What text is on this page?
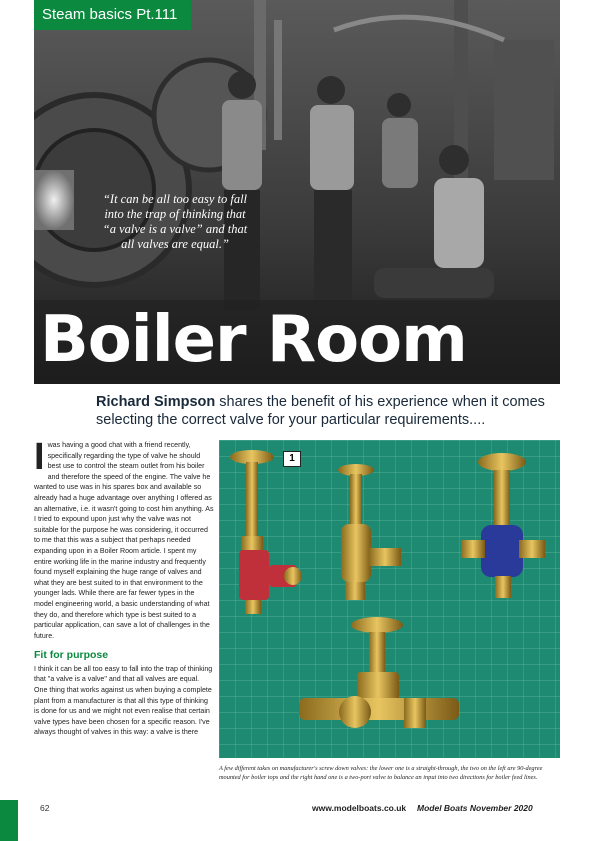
Steam basics Pt.111
“It can be all too easy to fall into the trap of thinking that “a valve is a valve” and that all valves are equal.”
Boiler Room
Richard Simpson shares the benefit of his experience when it comes selecting the correct valve for your particular requirements....

Iwas having a good chat with a friend recently, specifically regarding the type of valve he should best use to control the steam outlet from his boiler and therefore the speed of the engine. The valve he wanted to use was in his spares box and available so already had a huge advantage over anything I offered as an alternative, i.e. it wasn't going to cost him anything. As I tried to expound upon just why the valve was not suitable for the purpose he was considering, it occurred to me that this was a subject that perhaps needed expanding upon in a Boiler Room article. I spent my entire working life in the marine industry and frequently found myself explaining the huge range of valves and what they are best suited to in that environment to the younger lads. While there are far fewer types in the model engineering world, a basic understanding of what they do, and therefore which type is best suited to a particular application, can save a lot of challenges in the future.

Fit for purpose

I think it can be all too easy to fall into the trap of thinking that "a valve is a valve" and that all valves are equal. One thing that works against us when buying a complete plant from a manufacturer is that all this type of thinking is done for us and we might not even realise that certain valve types have been chosen for a specific reason. I've always thought of valves in this way: a valve is there

1
A few different takes on manufacturer's screw down valves: the lower one is a straight-through, the two on the left are 90-degree mounted for boiler tops and the right hand one is a two-port valve to balance an input into two directions for boiler feed lines.
62	www.modelboats.co.uk Model Boats November 2020
